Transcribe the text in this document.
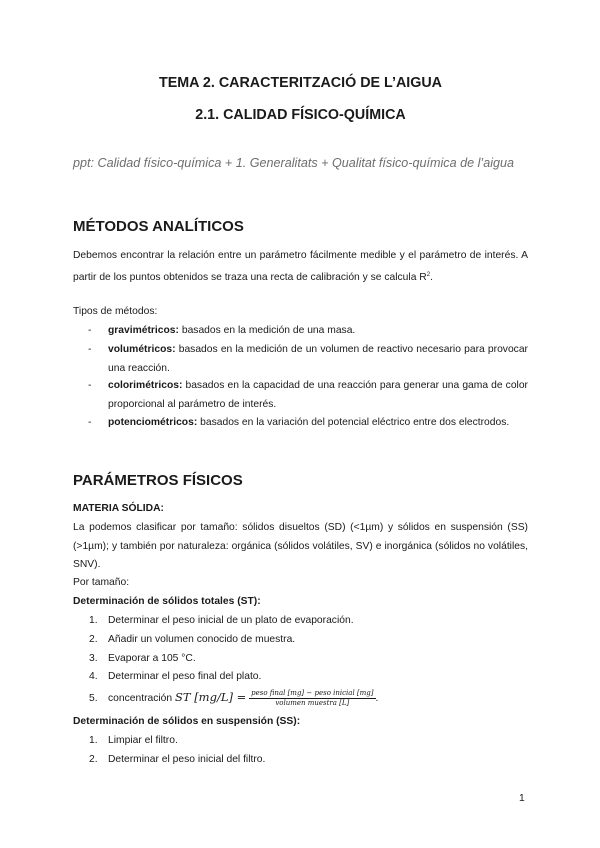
TEMA 2. CARACTERITZACIÓ DE L’AIGUA
2.1. CALIDAD FÍSICO-QUÍMICA
ppt: Calidad físico-química + 1. Generalitats + Qualitat físico-química de l’aigua
MÉTODOS ANALÍTICOS
Debemos encontrar la relación entre un parámetro fácilmente medible y el parámetro de interés. A partir de los puntos obtenidos se traza una recta de calibración y se calcula $R^2$.
Tipos de métodos:
- gravimétricos: basados en la medición de una masa.
- volumétricos: basados en la medición de un volumen de reactivo necesario para provocar una reacción.
- colorimétricos: basados en la capacidad de una reacción para generar una gama de color proporcional al parámetro de interés.
- potenciométricos: basados en la variación del potencial eléctrico entre dos electrodos.
PARÁMETROS FÍSICOS
MATERIA SÓLIDA:
La podemos clasificar por tamaño: sólidos disueltos (SD) (<1µm) y sólidos en suspensión (SS) (>1µm); y también por naturaleza: orgánica (sólidos volátiles, SV) e inorgánica (sólidos no volátiles, SNV).
Por tamaño:
Determinación de sólidos totales (ST):
1. Determinar el peso inicial de un plato de evaporación.
2. Añadir un volumen conocido de muestra.
3. Evaporar a 105 °C.
4. Determinar el peso final del plato.
5. concentración ST $[mg/L] = \frac{\text{peso final [mg] − peso inicial [mg]}}{\text{volumen muestra [L]}}$ .
Determinación de sólidos en suspensión (SS):
1. Limpiar el filtro.
2. Determinar el peso inicial del filtro.
1
